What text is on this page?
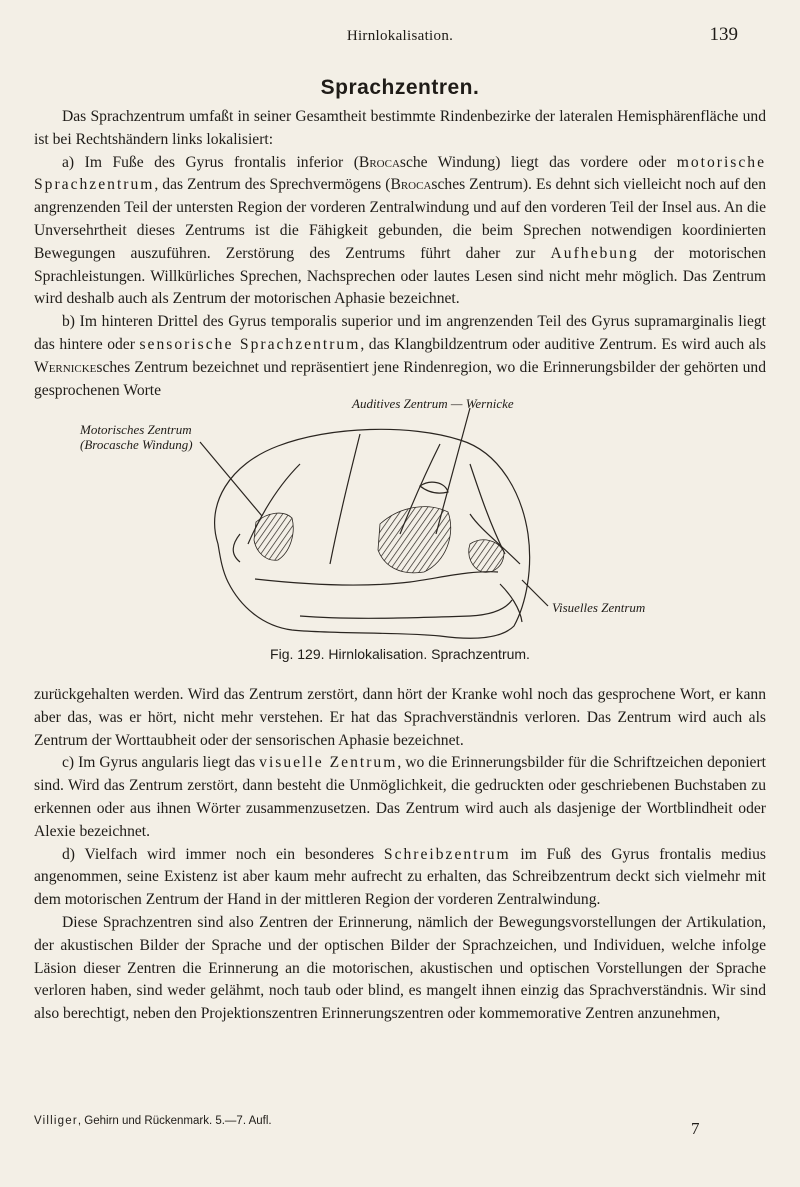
Hirnlokalisation.	139
Sprachzentren.

Das Sprachzentrum umfaßt in seiner Gesamtheit bestimmte Rindenbezirke der lateralen Hemisphärenfläche und ist bei Rechtshändern links lokalisiert:

a) Im Fuße des Gyrus frontalis inferior (Brocasche Windung) liegt das vordere oder motorische Sprachzentrum, das Zentrum des Sprechvermögens (Brocasches Zentrum). Es dehnt sich vielleicht noch auf den angrenzenden Teil der untersten Region der vorderen Zentralwindung und auf den vorderen Teil der Insel aus. An die Unversehrtheit dieses Zentrums ist die Fähigkeit gebunden, die beim Sprechen notwendigen koordinierten Bewegungen auszuführen. Zerstörung des Zentrums führt daher zur Aufhebung der motorischen Sprachleistungen. Willkürliches Sprechen, Nachsprechen oder lautes Lesen sind nicht mehr möglich. Das Zentrum wird deshalb auch als Zentrum der motorischen Aphasie bezeichnet.

b) Im hinteren Drittel des Gyrus temporalis superior und im angrenzenden Teil des Gyrus supramarginalis liegt das hintere oder sensorische Sprachzentrum, das Klangbildzentrum oder auditive Zentrum. Es wird auch als Wernickesches Zentrum bezeichnet und repräsentiert jene Rindenregion, wo die Erinnerungsbilder der gehörten und gesprochenen Worte

Auditives Zentrum — Wernicke
Motorisches Zentrum
(Brocasche Windung)
Visuelles Zentrum
Fig. 129. Hirnlokalisation. Sprachzentrum.

zurückgehalten werden. Wird das Zentrum zerstört, dann hört der Kranke wohl noch das gesprochene Wort, er kann aber das, was er hört, nicht mehr verstehen. Er hat das Sprachverständnis verloren. Das Zentrum wird auch als Zentrum der Worttaubheit oder der sensorischen Aphasie bezeichnet.

c) Im Gyrus angularis liegt das visuelle Zentrum, wo die Erinnerungsbilder für die Schriftzeichen deponiert sind. Wird das Zentrum zerstört, dann besteht die Unmöglichkeit, die gedruckten oder geschriebenen Buchstaben zu erkennen oder aus ihnen Wörter zusammenzusetzen. Das Zentrum wird auch als dasjenige der Wortblindheit oder Alexie bezeichnet.

d) Vielfach wird immer noch ein besonderes Schreibzentrum im Fuß des Gyrus frontalis medius angenommen, seine Existenz ist aber kaum mehr aufrecht zu erhalten, das Schreibzentrum deckt sich vielmehr mit dem motorischen Zentrum der Hand in der mittleren Region der vorderen Zentralwindung.

Diese Sprachzentren sind also Zentren der Erinnerung, nämlich der Bewegungsvorstellungen der Artikulation, der akustischen Bilder der Sprache und der optischen Bilder der Sprachzeichen, und Individuen, welche infolge Läsion dieser Zentren die Erinnerung an die motorischen, akustischen und optischen Vorstellungen der Sprache verloren haben, sind weder gelähmt, noch taub oder blind, es mangelt ihnen einzig das Sprachverständnis. Wir sind also berechtigt, neben den Projektionszentren Erinnerungszentren oder kommemorative Zentren anzunehmen,

Villiger, Gehirn und Rückenmark. 5.—7. Aufl.	7
